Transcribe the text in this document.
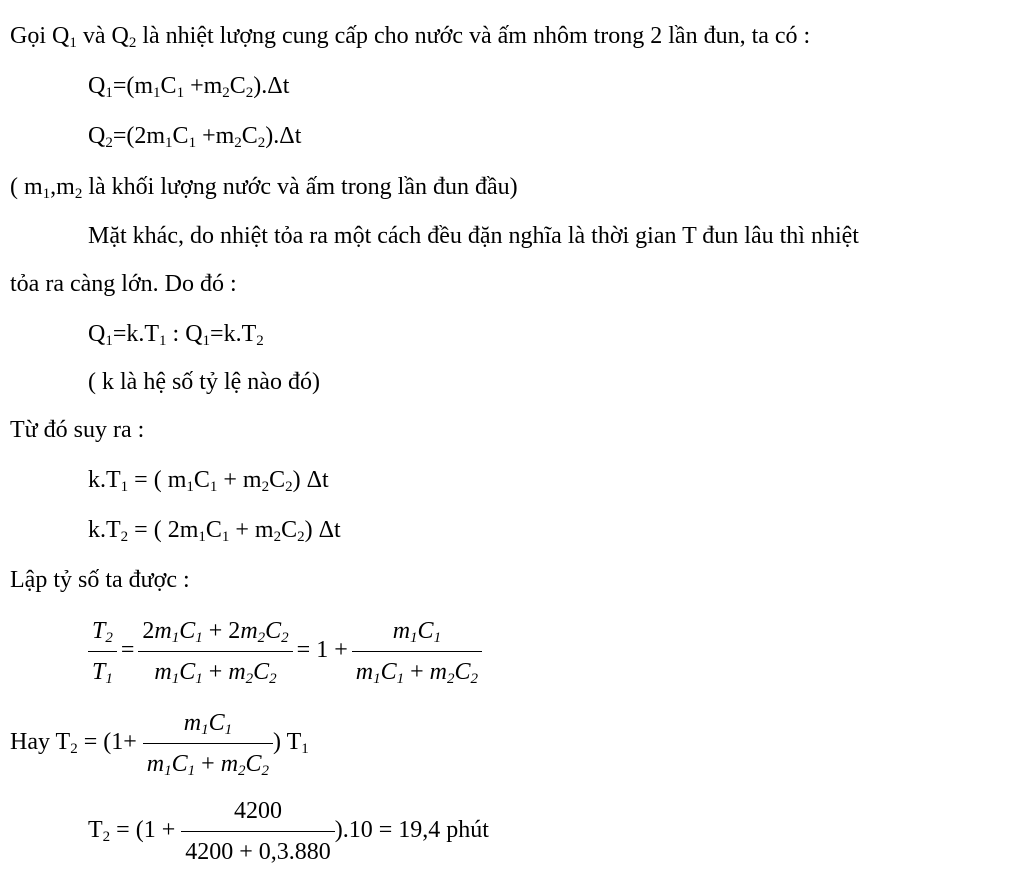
Gọi $Q_1$ và $Q_2$ là nhiệt lượng cung cấp cho nước và ấm nhôm trong 2 lần đun, ta có :
$Q_1=(m_1C_1 +m_2C_2).\Delta t$
$Q_2=(2m_1C_1 +m_2C_2).\Delta t$
( $m_1,m_2$ là khối lượng nước và ấm trong lần đun đầu)
Mặt khác, do nhiệt tỏa ra một cách đều đặn nghĩa là thời gian T đun lâu thì nhiệt
tỏa ra càng lớn. Do đó :
$Q_1=k.T_1$ : $Q_1=k.T_2$
( k là hệ số tỷ lệ nào đó)
Từ đó suy ra :
$k.T_1$ = ( $m_1C_1 + m_2C_2$) Δt
$k.T_2$ = ( $2m_1C_1 + m_2C_2$) Δt
Lập tỷ số ta được :
$\frac{T_2}{T_1} = \frac{2m_1C_1 + 2m_2C_2}{m_1C_1 + m_2C_2} = 1 + \frac{m_1C_1}{m_1C_1 + m_2C_2}$
Hay $T_2 = (1+ \frac{m_1C_1}{m_1C_1 + m_2C_2}$ ) $T_1$
$T_2 = (1 + \frac{4200}{4200 + 0,3.880} ).10 = 19,4$ phút
